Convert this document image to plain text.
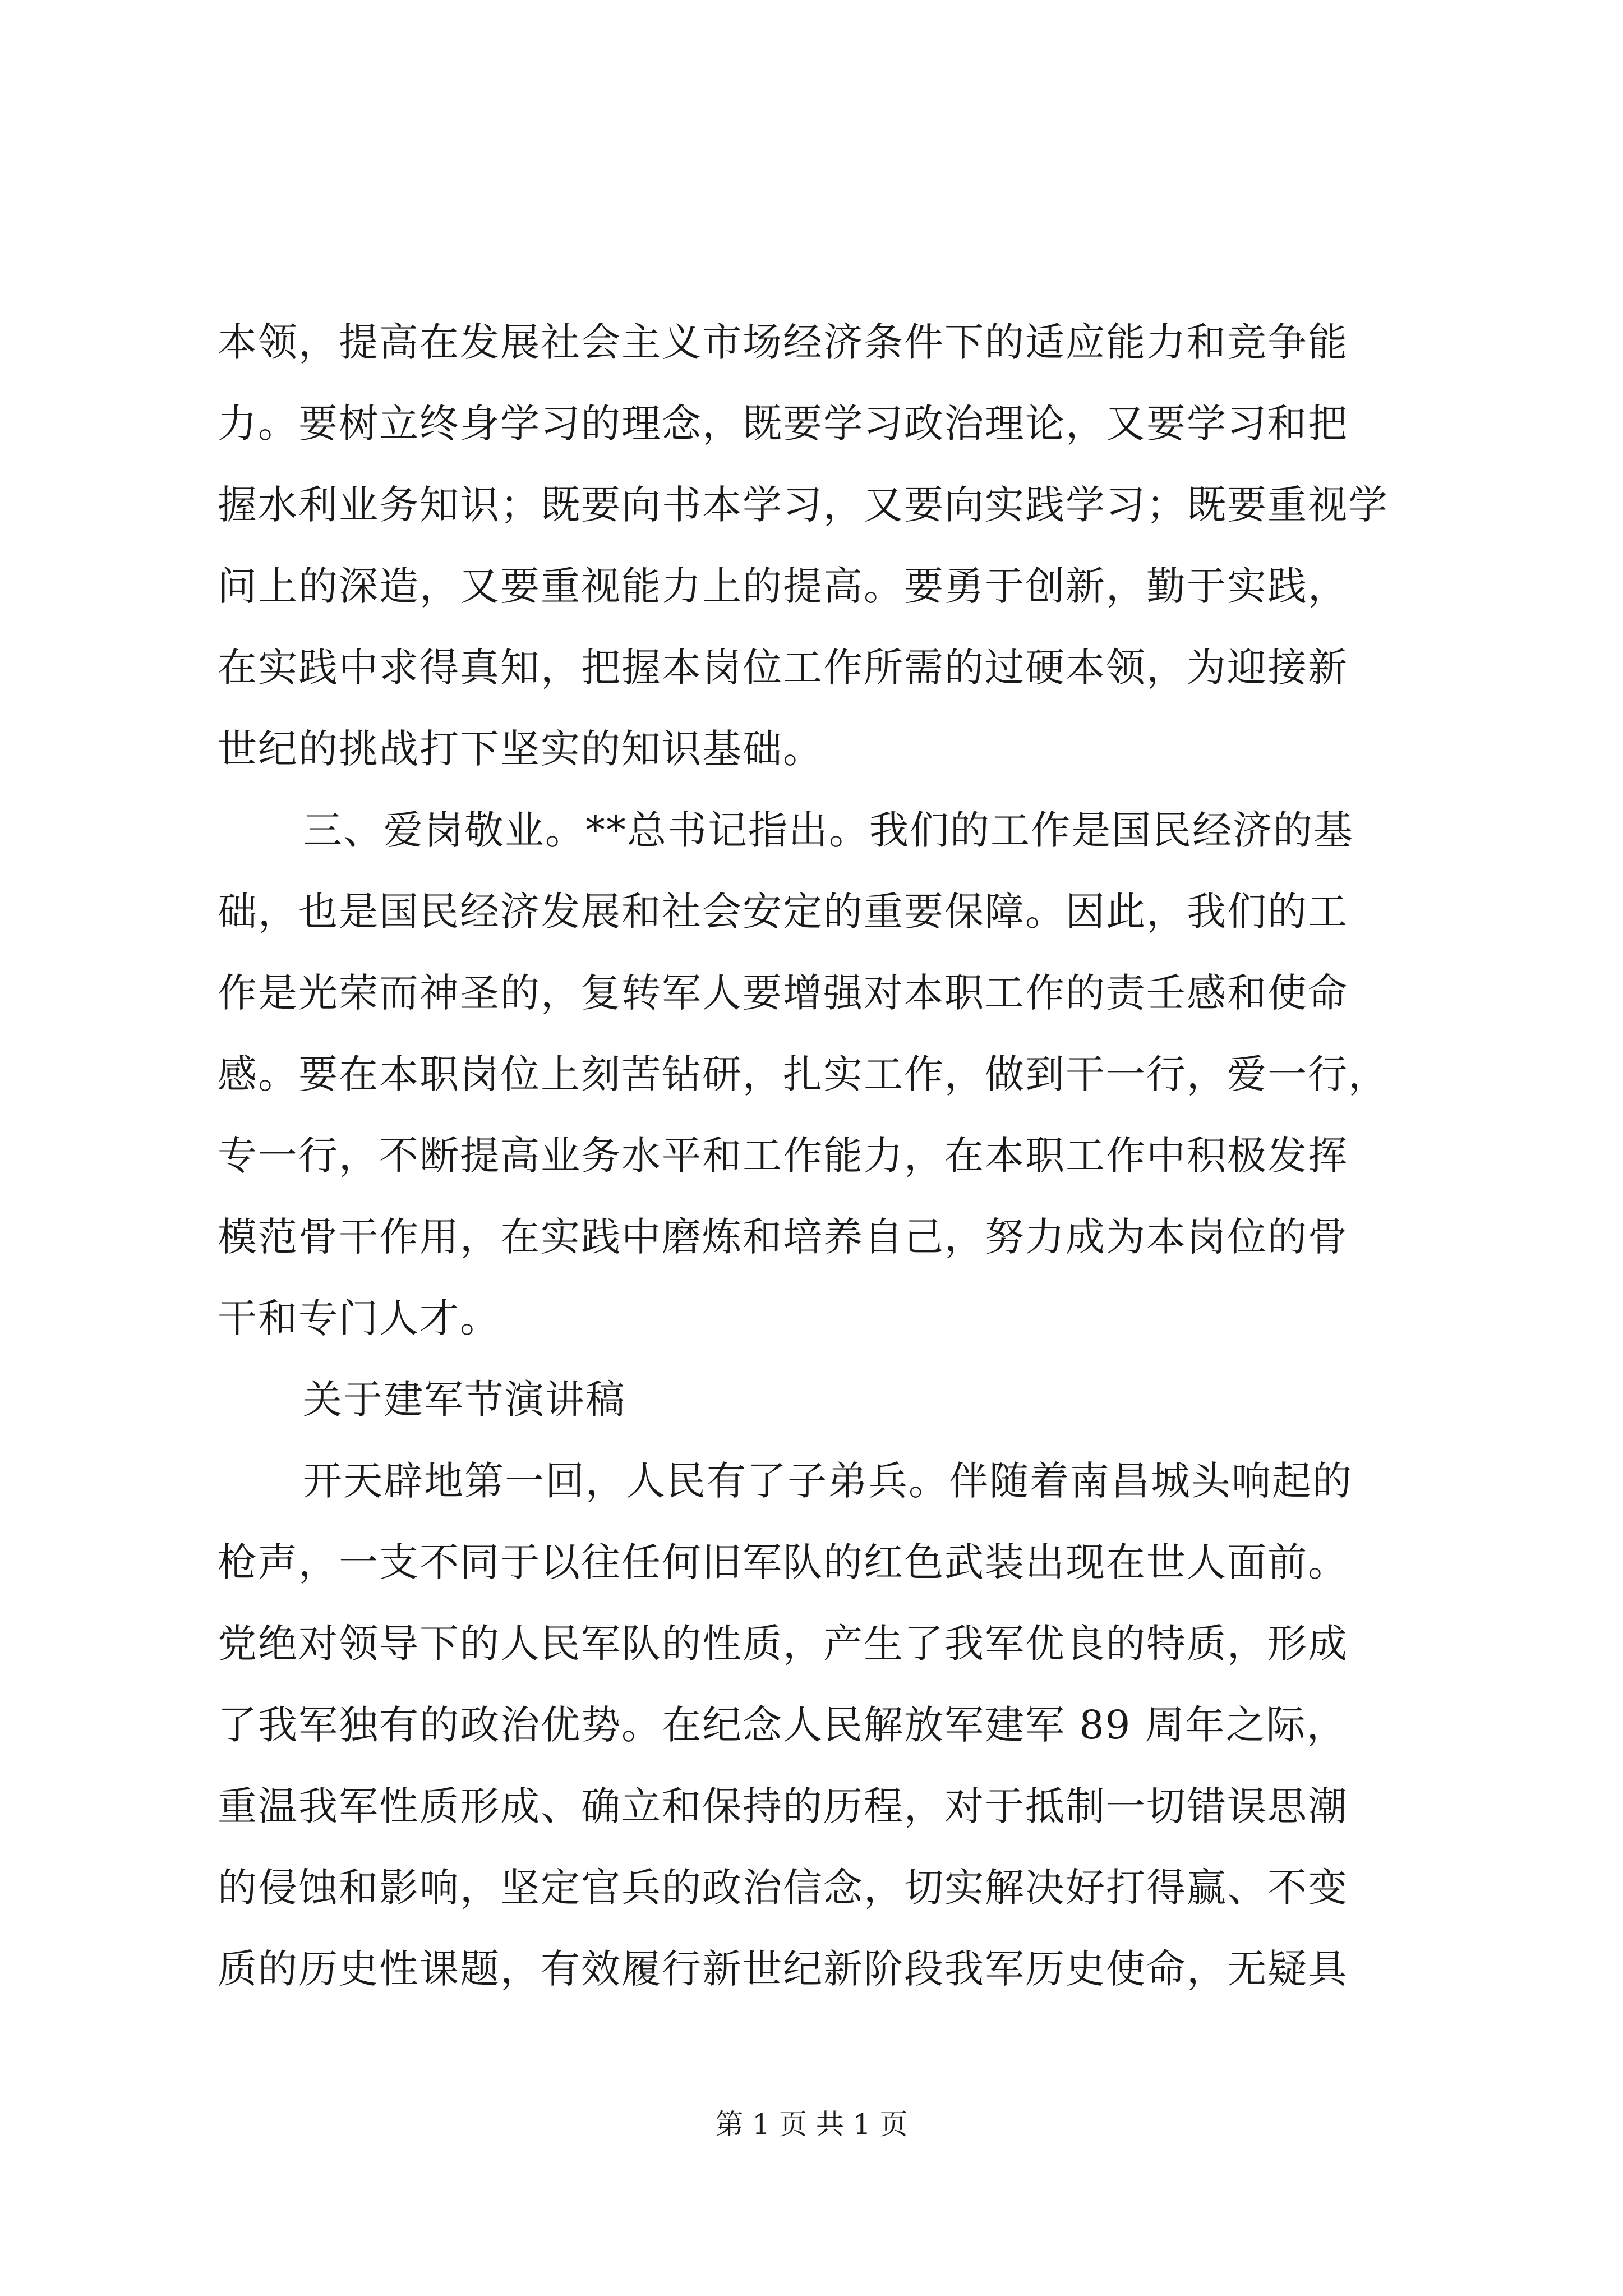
本领，提高在发展社会主义市场经济条件下的适应能力和竞争能
力。要树立终身学习的理念，既要学习政治理论，又要学习和把
握水利业务知识；既要向书本学习，又要向实践学习；既要重视学
问上的深造，又要重视能力上的提高。要勇于创新，勤于实践，
在实践中求得真知，把握本岗位工作所需的过硬本领，为迎接新
世纪的挑战打下坚实的知识基础。
三、爱岗敬业。**总书记指出。我们的工作是国民经济的基
础，也是国民经济发展和社会安定的重要保障。因此，我们的工
作是光荣而神圣的，复转军人要增强对本职工作的责壬感和使命
感。要在本职岗位上刻苦钻研，扎实工作，做到干一行，爱一行，
专一行，不断提高业务水平和工作能力，在本职工作中积极发挥
模范骨干作用，在实践中磨炼和培养自己，努力成为本岗位的骨
干和专门人才。
关于建军节演讲稿
开天辟地第一回，人民有了子弟兵。伴随着南昌城头响起的
枪声，一支不同于以往任何旧军队的红色武装出现在世人面前。
党绝对领导下的人民军队的性质，产生了我军优良的特质，形成
了我军独有的政治优势。在纪念人民解放军建军 89 周年之际，
重温我军性质形成、确立和保持的历程，对于抵制一切错误思潮
的侵蚀和影响，坚定官兵的政治信念，切实解决好打得赢、不变
质的历史性课题，有效履行新世纪新阶段我军历史使命，无疑具
第 1 页 共 1 页
